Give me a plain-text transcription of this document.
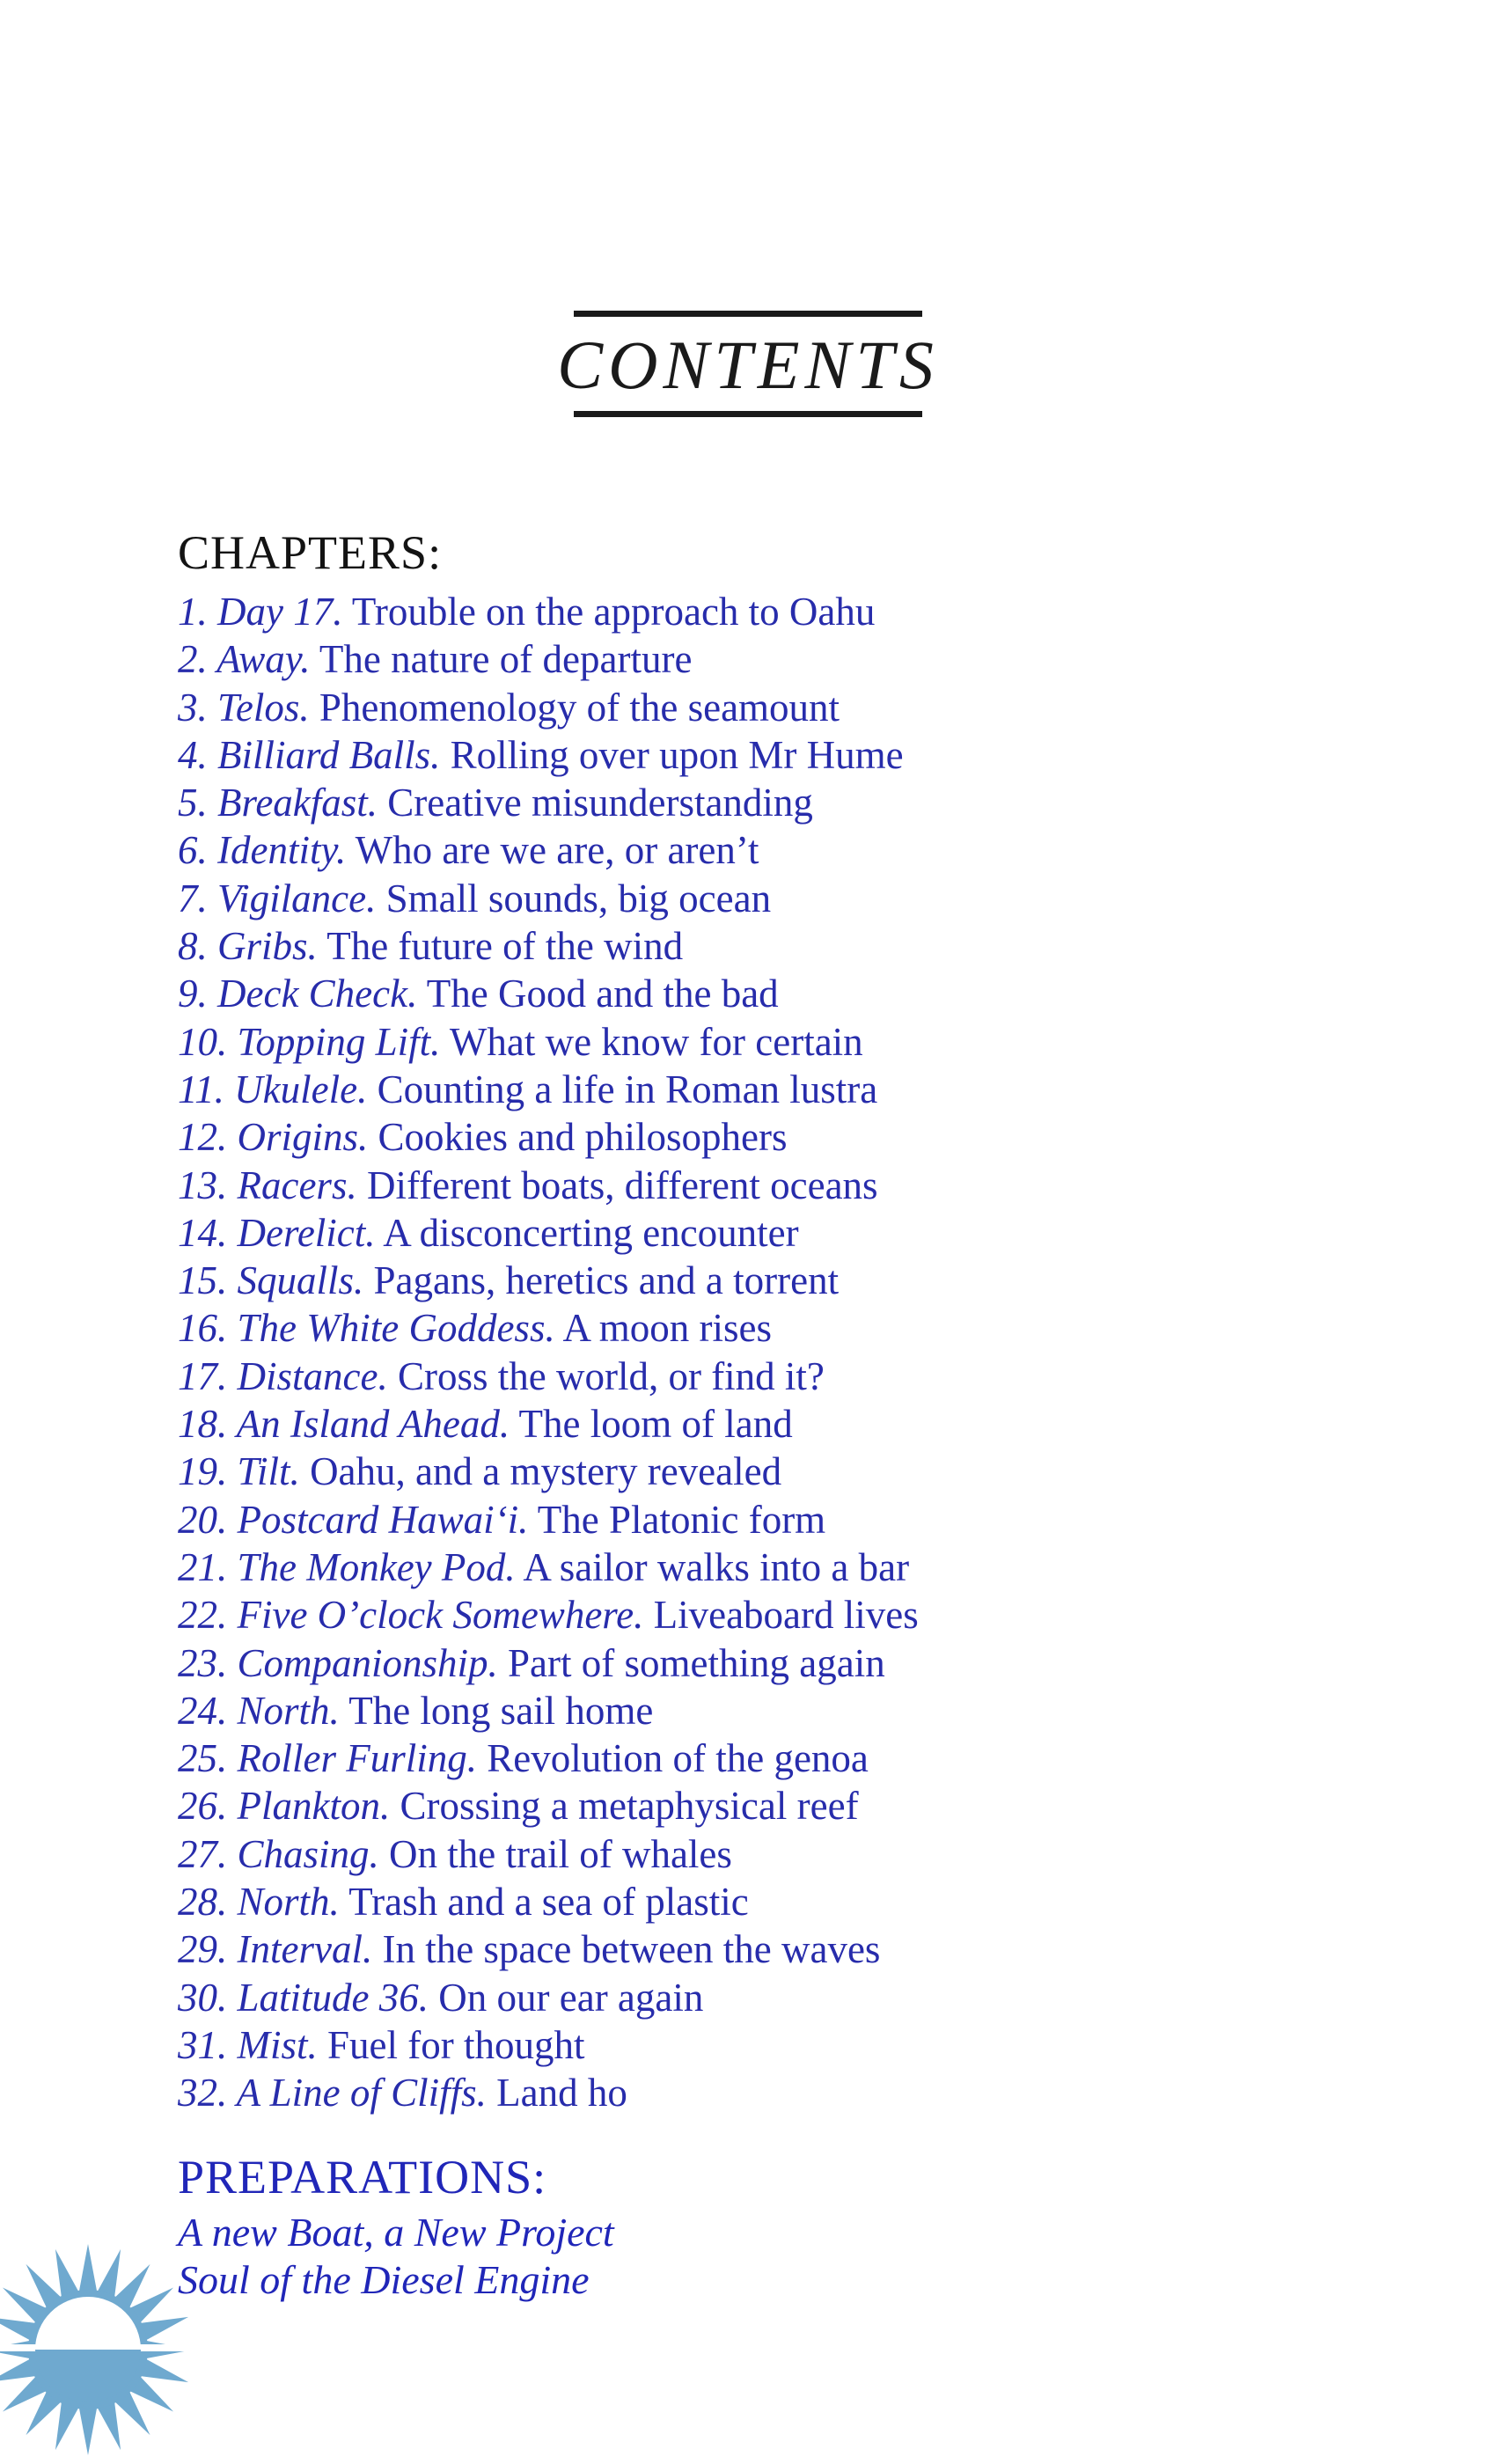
CONTENTS
CHAPTERS:
1. Day 17. Trouble on the approach to Oahu
2. Away. The nature of departure
3. Telos. Phenomenology of the seamount
4. Billiard Balls. Rolling over upon Mr Hume
5. Breakfast. Creative misunderstanding
6. Identity. Who are we are, or aren’t
7. Vigilance. Small sounds, big ocean
8. Gribs. The future of the wind
9. Deck Check. The Good and the bad
10. Topping Lift. What we know for certain
11. Ukulele. Counting a life in Roman lustra
12. Origins. Cookies and philosophers
13. Racers. Different boats, different oceans
14. Derelict. A disconcerting encounter
15. Squalls. Pagans, heretics and a torrent
16. The White Goddess. A moon rises
17. Distance. Cross the world, or find it?
18. An Island Ahead. The loom of land
19. Tilt. Oahu, and a mystery revealed
20. Postcard Hawaiʻi. The Platonic form
21. The Monkey Pod. A sailor walks into a bar
22. Five O’clock Somewhere. Liveaboard lives
23. Companionship. Part of something again
24. North. The long sail home
25. Roller Furling. Revolution of the genoa
26. Plankton. Crossing a metaphysical reef
27. Chasing. On the trail of whales
28. North. Trash and a sea of plastic
29. Interval. In the space between the waves
30. Latitude 36. On our ear again
31. Mist. Fuel for thought
32. A Line of Cliffs. Land ho
PREPARATIONS:
A new Boat, a New Project
Soul of the Diesel Engine
